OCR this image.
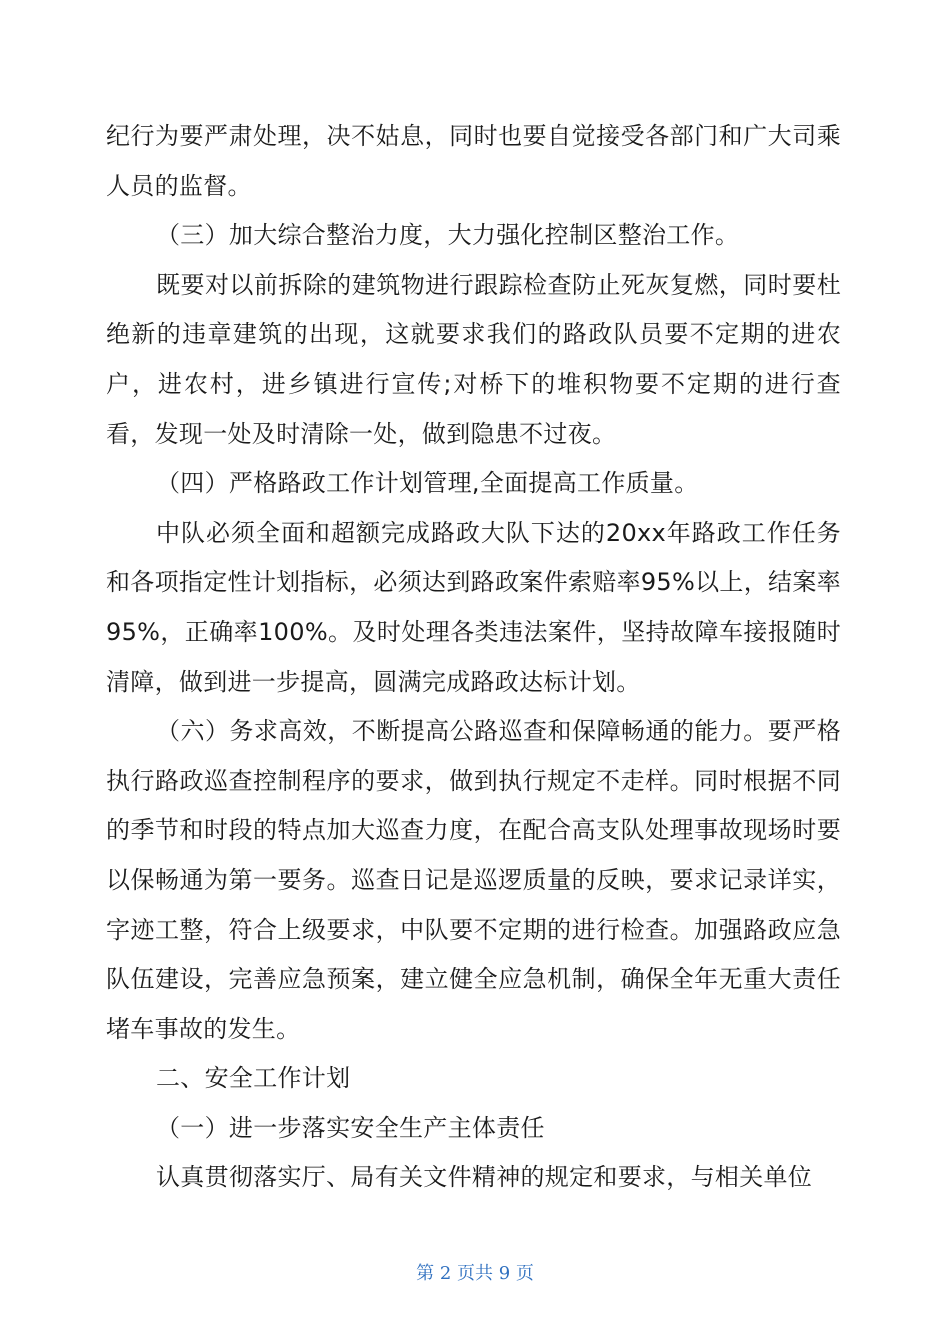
纪行为要严肃处理，决不姑息，同时也要自觉接受各部门和广大司乘人员的监督。

（三）加大综合整治力度，大力强化控制区整治工作。

既要对以前拆除的建筑物进行跟踪检查防止死灰复燃，同时要杜绝新的违章建筑的出现，这就要求我们的路政队员要不定期的进农户，进农村，进乡镇进行宣传;对桥下的堆积物要不定期的进行查看，发现一处及时清除一处，做到隐患不过夜。

（四）严格路政工作计划管理,全面提高工作质量。

中队必须全面和超额完成路政大队下达的20xx年路政工作任务和各项指定性计划指标，必须达到路政案件索赔率95%以上，结案率95%，正确率100%。及时处理各类违法案件，坚持故障车接报随时清障，做到进一步提高，圆满完成路政达标计划。

（六）务求高效，不断提高公路巡查和保障畅通的能力。要严格执行路政巡查控制程序的要求，做到执行规定不走样。同时根据不同的季节和时段的特点加大巡查力度，在配合高支队处理事故现场时要以保畅通为第一要务。巡查日记是巡逻质量的反映，要求记录详实，字迹工整，符合上级要求，中队要不定期的进行检查。加强路政应急队伍建设，完善应急预案，建立健全应急机制，确保全年无重大责任堵车事故的发生。

二、安全工作计划

（一）进一步落实安全生产主体责任

认真贯彻落实厅、局有关文件精神的规定和要求，与相关单位

第 2 页共 9 页
